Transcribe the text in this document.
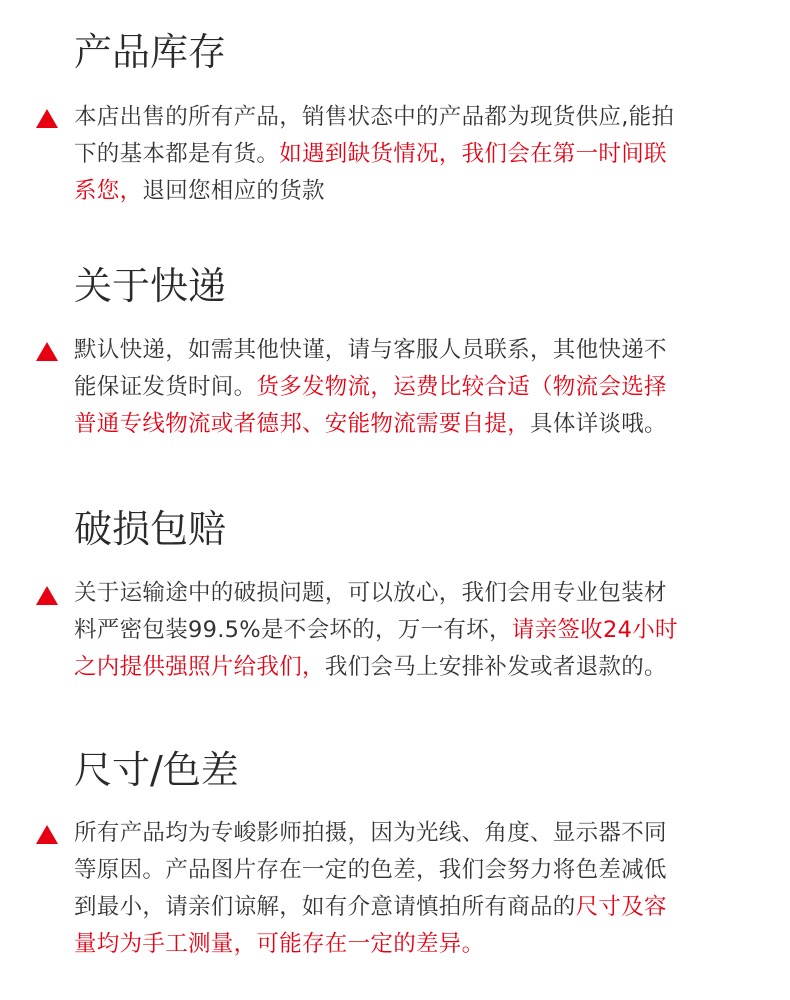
产品库存
本店出售的所有产品，销售状态中的产品都为现货供应,能拍
下的基本都是有货。如遇到缺货情况，我们会在第一时间联
系您，退回您相应的货款
关于快递
默认快递，如需其他快谨，请与客服人员联系，其他快递不
能保证发货时间。货多发物流，运费比较合适（物流会选择
普通专线物流或者德邦、安能物流需要自提，具体详谈哦。
破损包赔
关于运输途中的破损问题，可以放心，我们会用专业包装材
料严密包装99.5%是不会坏的，万一有坏，请亲签收24小时
之内提供强照片给我们，我们会马上安排补发或者退款的。
尺寸/色差
所有产品均为专峻影师拍摄，因为光线、角度、显示器不同
等原因。产品图片存在一定的色差，我们会努力将色差减低
到最小，请亲们谅解，如有介意请慎拍所有商品的尺寸及容
量均为手工测量，可能存在一定的差异。
